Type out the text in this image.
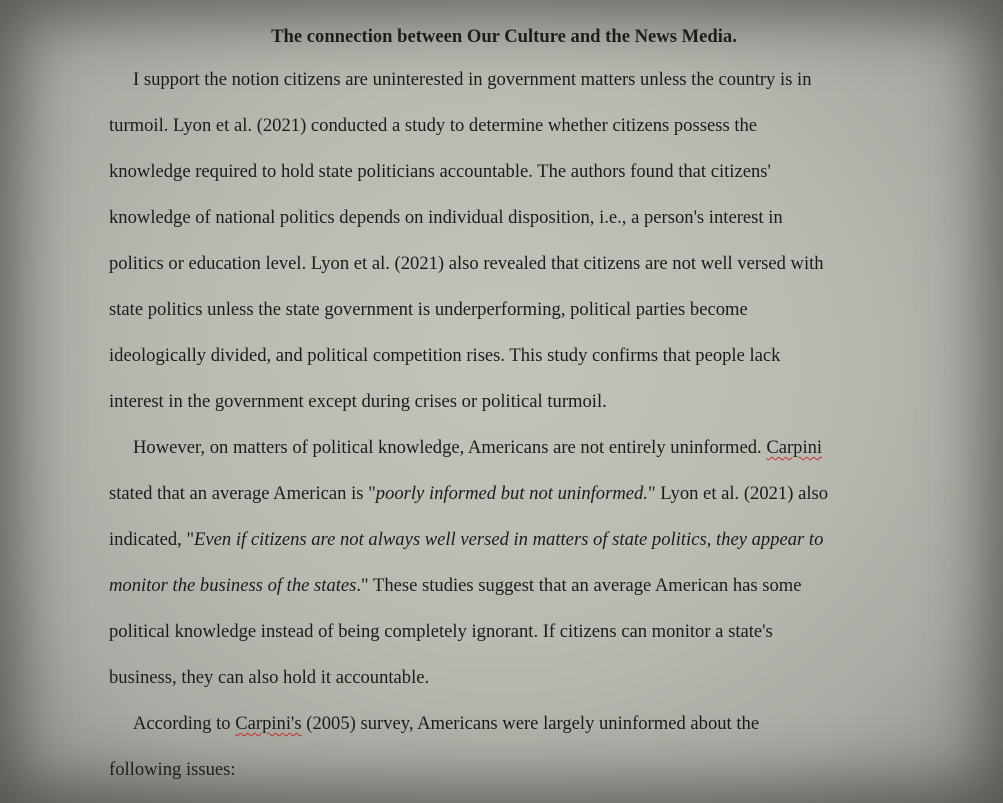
The connection between Our Culture and the News Media.

I support the notion citizens are uninterested in government matters unless the country is in
turmoil. Lyon et al. (2021) conducted a study to determine whether citizens possess the
knowledge required to hold state politicians accountable. The authors found that citizens'
knowledge of national politics depends on individual disposition, i.e., a person's interest in
politics or education level. Lyon et al. (2021) also revealed that citizens are not well versed with
state politics unless the state government is underperforming, political parties become
ideologically divided, and political competition rises. This study confirms that people lack
interest in the government except during crises or political turmoil.

However, on matters of political knowledge, Americans are not entirely uninformed. Carpini
stated that an average American is "poorly informed but not uninformed." Lyon et al. (2021) also
indicated, "Even if citizens are not always well versed in matters of state politics, they appear to
monitor the business of the states." These studies suggest that an average American has some
political knowledge instead of being completely ignorant. If citizens can monitor a state's
business, they can also hold it accountable.

According to Carpini's (2005) survey, Americans were largely uninformed about the
following issues:
